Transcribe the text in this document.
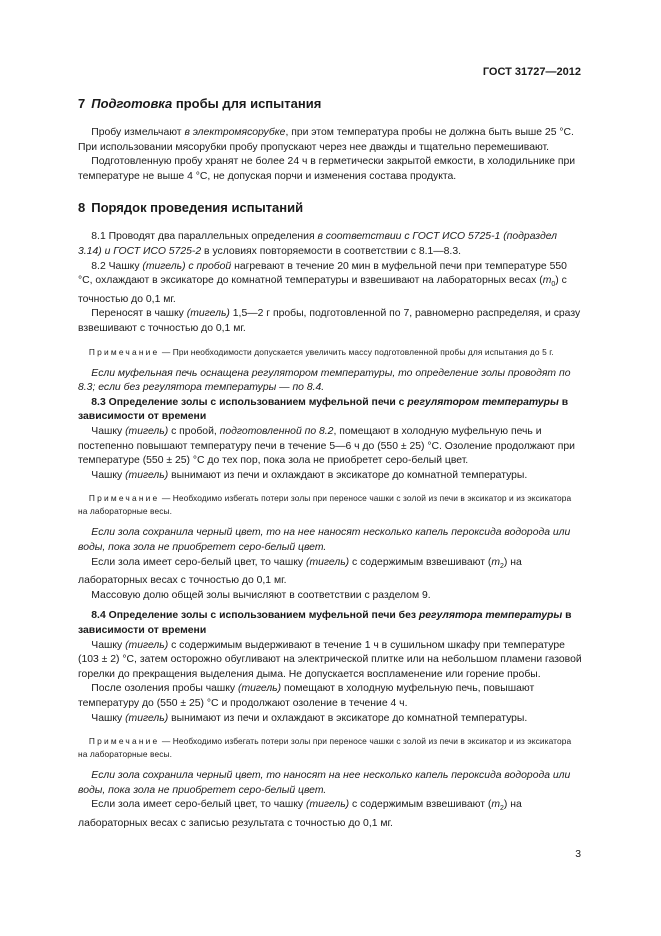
ГОСТ 31727—2012
7 Подготовка пробы для испытания

  Пробу измельчают в электромясорубке, при этом температура пробы не должна быть выше 25 °С. При использовании мясорубки пробу пропускают через нее дважды и тщательно перемешивают.

  Подготовленную пробу хранят не более 24 ч в герметически закрытой емкости, в холодильнике при температуре не выше 4 °С, не допуская порчи и изменения состава продукта.

8 Порядок проведения испытаний

  8.1 Проводят два параллельных определения в соответствии с ГОСТ ИСО 5725-1 (подраздел 3.14) и ГОСТ ИСО 5725-2 в условиях повторяемости в соответствии с 8.1—8.3.

  8.2 Чашку (тигель) с пробой нагревают в течение 20 мин в муфельной печи при температуре 550 °С, охлаждают в эксикаторе до комнатной температуры и взвешивают на лабораторных весах $(m_0)$ с точностью до 0,1 мг.

  Переносят в чашку (тигель) 1,5—2 г пробы, подготовленной по 7, равномерно распределяя, и сразу взвешивают с точностью до 0,1 мг.

  Примечание — При необходимости допускается увеличить массу подготовленной пробы для испытания до 5 г.

  Если муфельная печь оснащена регулятором температуры, то определение золы проводят по 8.3; если без регулятора температуры — по 8.4.

  8.3 Определение золы с использованием муфельной печи с регулятором температуры в зависимости от времени

  Чашку (тигель) с пробой, подготовленной по 8.2, помещают в холодную муфельную печь и постепенно повышают температуру печи в течение 5—6 ч до (550 ± 25) °С. Озоление продолжают при температуре (550 ± 25) °С до тех пор, пока зола не приобретет серо-белый цвет.

  Чашку (тигель) вынимают из печи и охлаждают в эксикаторе до комнатной температуры.

  Примечание — Необходимо избегать потери золы при переносе чашки с золой из печи в эксикатор и из эксикатора на лабораторные весы.

  Если зола сохранила черный цвет, то на нее наносят несколько капель пероксида водорода или воды, пока зола не приобретет серо-белый цвет.

  Если зола имеет серо-белый цвет, то чашку (тигель) с содержимым взвешивают $(m_2)$ на лабораторных весах с точностью до 0,1 мг.

  Массовую долю общей золы вычисляют в соответствии с разделом 9.

  8.4 Определение золы с использованием муфельной печи без регулятора температуры в зависимости от времени

  Чашку (тигель) с содержимым выдерживают в течение 1 ч в сушильном шкафу при температуре (103 ± 2) °С, затем осторожно обугливают на электрической плитке или на небольшом пламени газовой горелки до прекращения выделения дыма. Не допускается воспламенение или горение пробы.

  После озоления пробы чашку (тигель) помещают в холодную муфельную печь, повышают температуру до (550 ± 25) °С и продолжают озоление в течение 4 ч.

  Чашку (тигель) вынимают из печи и охлаждают в эксикаторе до комнатной температуры.

  Примечание — Необходимо избегать потери золы при переносе чашки с золой из печи в эксикатор и из эксикатора на лабораторные весы.

  Если зола сохранила черный цвет, то наносят на нее несколько капель пероксида водорода или воды, пока зола не приобретет серо-белый цвет.

  Если зола имеет серо-белый цвет, то чашку (тигель) с содержимым взвешивают $(m_2)$ на лабораторных весах с записью результата с точностью до 0,1 мг.

3
